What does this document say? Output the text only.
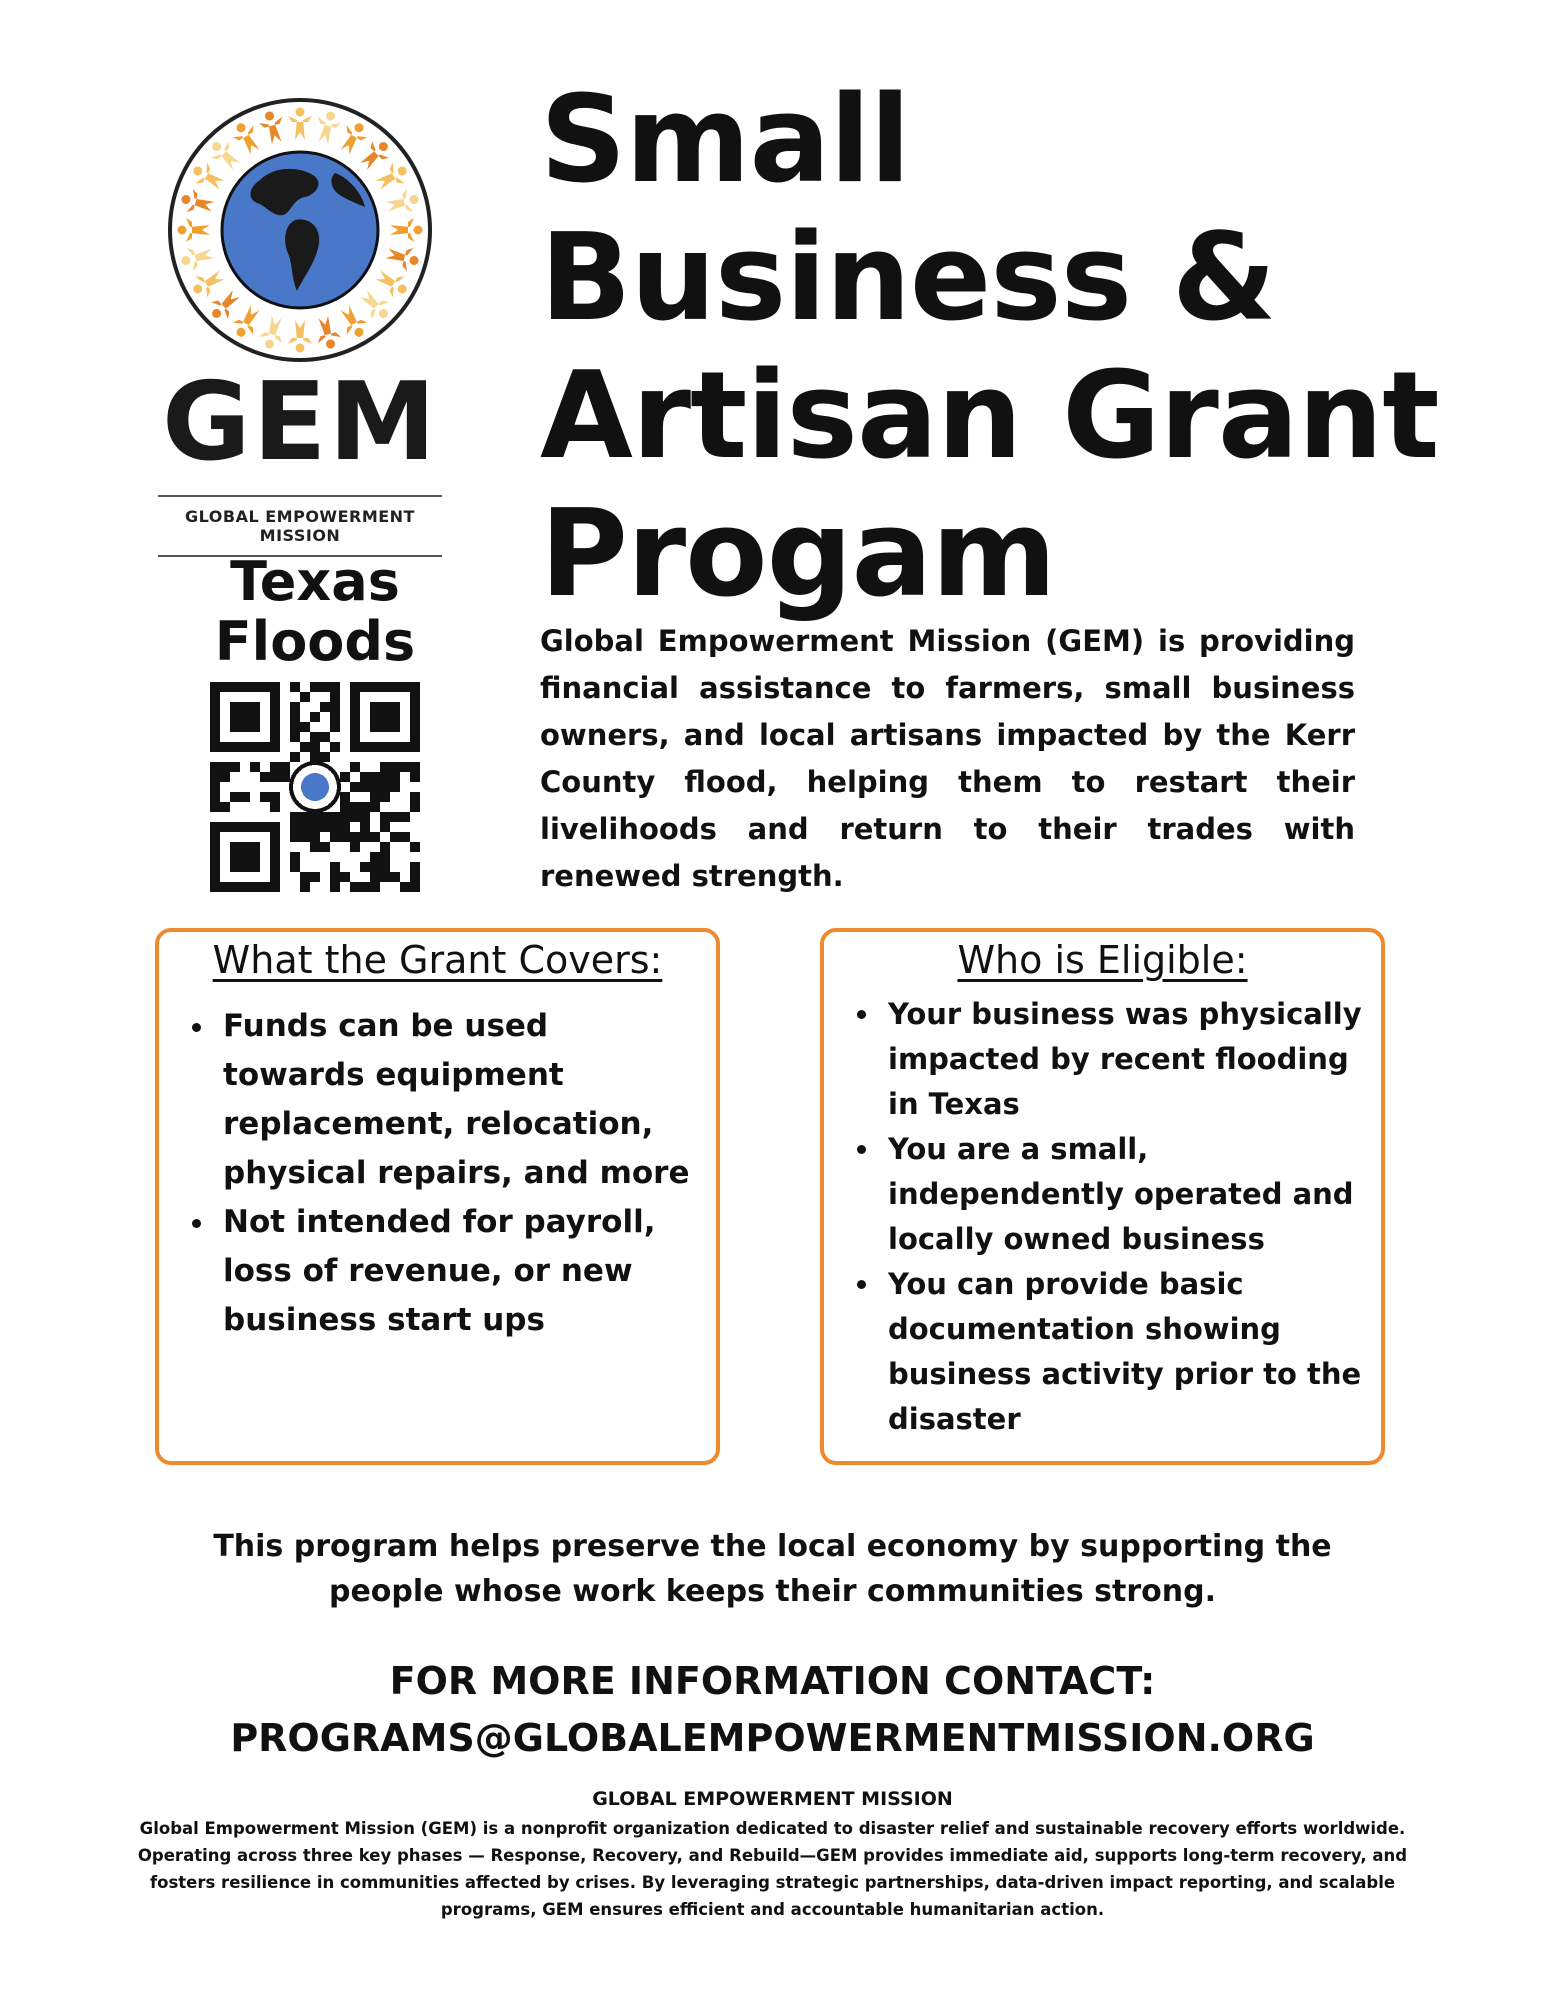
GEM
GLOBAL EMPOWERMENT MISSION
Texas
Floods
Small
Business &
Artisan Grant
Progam

Global Empowerment Mission (GEM) is providing financial assistance to farmers, small business owners, and local artisans impacted by the Kerr County flood, helping them to restart their livelihoods and return to their trades with renewed strength.

What the Grant Covers:
• Funds can be used towards equipment replacement, relocation, physical repairs, and more
• Not intended for payroll, loss of revenue, or new business start ups
Who is Eligible:
• Your business was physically impacted by recent flooding in Texas
• You are a small, independently operated and locally owned business
• You can provide basic documentation showing business activity prior to the disaster

This program helps preserve the local economy by supporting the people whose work keeps their communities strong.

FOR MORE INFORMATION CONTACT:
PROGRAMS@GLOBALEMPOWERMENTMISSION.ORG

GLOBAL EMPOWERMENT MISSION

Global Empowerment Mission (GEM) is a nonprofit organization dedicated to disaster relief and sustainable recovery efforts worldwide. Operating across three key phases — Response, Recovery, and Rebuild—GEM provides immediate aid, supports long-term recovery, and fosters resilience in communities affected by crises. By leveraging strategic partnerships, data-driven impact reporting, and scalable programs, GEM ensures efficient and accountable humanitarian action.
